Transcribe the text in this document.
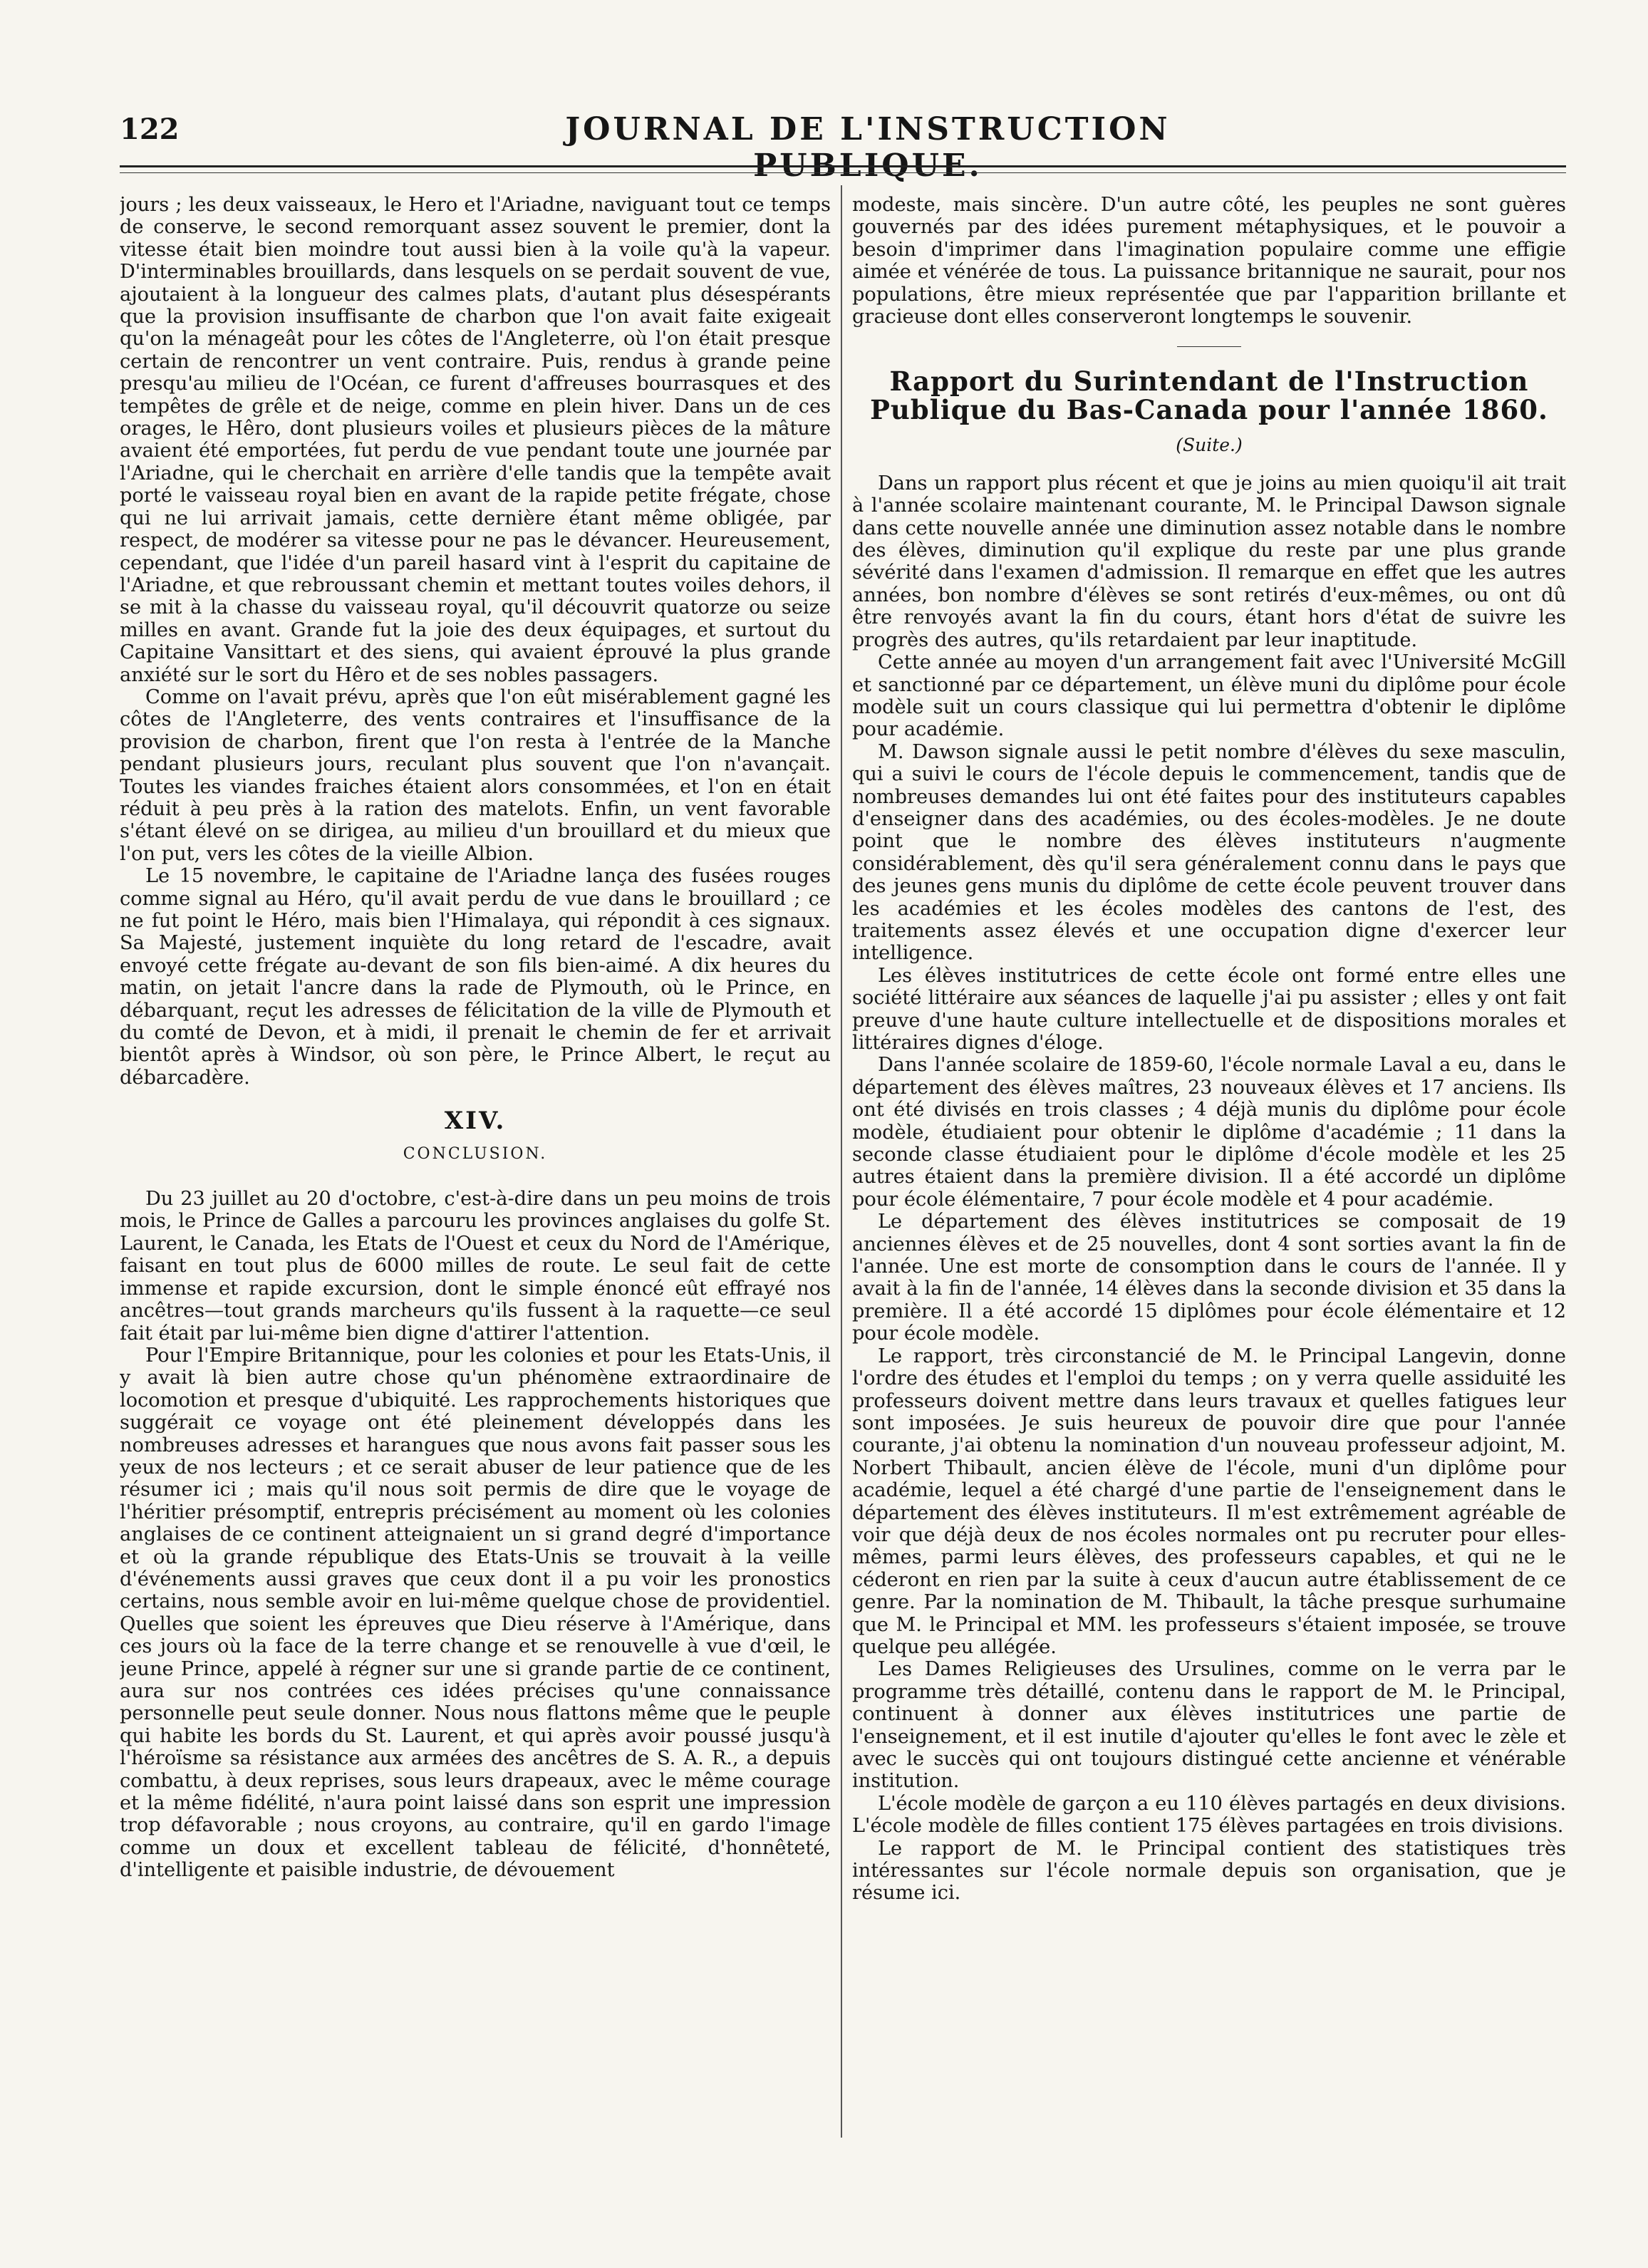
122	JOURNAL DE L'INSTRUCTION PUBLIQUE.

jours ; les deux vaisseaux, le Hero et l'Ariadne, naviguant tout ce temps de conserve, le second remorquant assez souvent le premier, dont la vitesse était bien moindre tout aussi bien à la voile qu'à la vapeur. D'interminables brouillards, dans lesquels on se perdait souvent de vue, ajoutaient à la longueur des calmes plats, d'autant plus désespérants que la provision insuffisante de charbon que l'on avait faite exigeait qu'on la ménageât pour les côtes de l'Angleterre, où l'on était presque certain de rencontrer un vent contraire. Puis, rendus à grande peine presqu'au milieu de l'Océan, ce furent d'affreuses bourrasques et des tempêtes de grêle et de neige, comme en plein hiver. Dans un de ces orages, le Hêro, dont plusieurs voiles et plusieurs pièces de la mâture avaient été emportées, fut perdu de vue pendant toute une journée par l'Ariadne, qui le cherchait en arrière d'elle tandis que la tempête avait porté le vaisseau royal bien en avant de la rapide petite frégate, chose qui ne lui arrivait jamais, cette dernière étant même obligée, par respect, de modérer sa vitesse pour ne pas le dévancer. Heureusement, cependant, que l'idée d'un pareil hasard vint à l'esprit du capitaine de l'Ariadne, et que rebroussant chemin et mettant toutes voiles dehors, il se mit à la chasse du vaisseau royal, qu'il découvrit quatorze ou seize milles en avant. Grande fut la joie des deux équipages, et surtout du Capitaine Vansittart et des siens, qui avaient éprouvé la plus grande anxiété sur le sort du Hêro et de ses nobles passagers.

Comme on l'avait prévu, après que l'on eût misérablement gagné les côtes de l'Angleterre, des vents contraires et l'insuffisance de la provision de charbon, firent que l'on resta à l'entrée de la Manche pendant plusieurs jours, reculant plus souvent que l'on n'avançait. Toutes les viandes fraiches étaient alors consommées, et l'on en était réduit à peu près à la ration des matelots. Enfin, un vent favorable s'étant élevé on se dirigea, au milieu d'un brouillard et du mieux que l'on put, vers les côtes de la vieille Albion.

Le 15 novembre, le capitaine de l'Ariadne lança des fusées rouges comme signal au Héro, qu'il avait perdu de vue dans le brouillard ; ce ne fut point le Héro, mais bien l'Himalaya, qui répondit à ces signaux. Sa Majesté, justement inquiète du long retard de l'escadre, avait envoyé cette frégate au-devant de son fils bien-aimé. A dix heures du matin, on jetait l'ancre dans la rade de Plymouth, où le Prince, en débarquant, reçut les adresses de félicitation de la ville de Plymouth et du comté de Devon, et à midi, il prenait le chemin de fer et arrivait bientôt après à Windsor, où son père, le Prince Albert, le reçut au débarcadère.

XIV.
CONCLUSION.

Du 23 juillet au 20 d'octobre, c'est-à-dire dans un peu moins de trois mois, le Prince de Galles a parcouru les provinces anglaises du golfe St. Laurent, le Canada, les Etats de l'Ouest et ceux du Nord de l'Amérique, faisant en tout plus de 6000 milles de route. Le seul fait de cette immense et rapide excursion, dont le simple énoncé eût effrayé nos ancêtres—tout grands marcheurs qu'ils fussent à la raquette—ce seul fait était par lui-même bien digne d'attirer l'attention.

Pour l'Empire Britannique, pour les colonies et pour les Etats-Unis, il y avait là bien autre chose qu'un phénomène extraordinaire de locomotion et presque d'ubiquité. Les rapprochements historiques que suggérait ce voyage ont été pleinement développés dans les nombreuses adresses et harangues que nous avons fait passer sous les yeux de nos lecteurs ; et ce serait abuser de leur patience que de les résumer ici ; mais qu'il nous soit permis de dire que le voyage de l'héritier présomptif, entrepris précisément au moment où les colonies anglaises de ce continent atteignaient un si grand degré d'importance et où la grande république des Etats-Unis se trouvait à la veille d'événements aussi graves que ceux dont il a pu voir les pronostics certains, nous semble avoir en lui-même quelque chose de providentiel. Quelles que soient les épreuves que Dieu réserve à l'Amérique, dans ces jours où la face de la terre change et se renouvelle à vue d'œil, le jeune Prince, appelé à régner sur une si grande partie de ce continent, aura sur nos contrées ces idées précises qu'une connaissance personnelle peut seule donner. Nous nous flattons même que le peuple qui habite les bords du St. Laurent, et qui après avoir poussé jusqu'à l'héroïsme sa résistance aux armées des ancêtres de S. A. R., a depuis combattu, à deux reprises, sous leurs drapeaux, avec le même courage et la même fidélité, n'aura point laissé dans son esprit une impression trop défavorable ; nous croyons, au contraire, qu'il en gardo l'image comme un doux et excellent tableau de félicité, d'honnêteté, d'intelligente et paisible industrie, de dévouement

modeste, mais sincère. D'un autre côté, les peuples ne sont guères gouvernés par des idées purement métaphysiques, et le pouvoir a besoin d'imprimer dans l'imagination populaire comme une effigie aimée et vénérée de tous. La puissance britannique ne saurait, pour nos populations, être mieux représentée que par l'apparition brillante et gracieuse dont elles conserveront longtemps le souvenir.

Rapport du Surintendant de l'Instruction Publique du Bas-Canada pour l'année 1860.
(Suite.)

Dans un rapport plus récent et que je joins au mien quoiqu'il ait trait à l'année scolaire maintenant courante, M. le Principal Dawson signale dans cette nouvelle année une diminution assez notable dans le nombre des élèves, diminution qu'il explique du reste par une plus grande sévérité dans l'examen d'admission. Il remarque en effet que les autres années, bon nombre d'élèves se sont retirés d'eux-mêmes, ou ont dû être renvoyés avant la fin du cours, étant hors d'état de suivre les progrès des autres, qu'ils retardaient par leur inaptitude.

Cette année au moyen d'un arrangement fait avec l'Université McGill et sanctionné par ce département, un élève muni du diplôme pour école modèle suit un cours classique qui lui permettra d'obtenir le diplôme pour académie.

M. Dawson signale aussi le petit nombre d'élèves du sexe masculin, qui a suivi le cours de l'école depuis le commencement, tandis que de nombreuses demandes lui ont été faites pour des instituteurs capables d'enseigner dans des académies, ou des écoles-modèles. Je ne doute point que le nombre des élèves instituteurs n'augmente considérablement, dès qu'il sera généralement connu dans le pays que des jeunes gens munis du diplôme de cette école peuvent trouver dans les académies et les écoles modèles des cantons de l'est, des traitements assez élevés et une occupation digne d'exercer leur intelligence.

Les élèves institutrices de cette école ont formé entre elles une société littéraire aux séances de laquelle j'ai pu assister ; elles y ont fait preuve d'une haute culture intellectuelle et de dispositions morales et littéraires dignes d'éloge.

Dans l'année scolaire de 1859-60, l'école normale Laval a eu, dans le département des élèves maîtres, 23 nouveaux élèves et 17 anciens. Ils ont été divisés en trois classes ; 4 déjà munis du diplôme pour école modèle, étudiaient pour obtenir le diplôme d'académie ; 11 dans la seconde classe étudiaient pour le diplôme d'école modèle et les 25 autres étaient dans la première division. Il a été accordé un diplôme pour école élémentaire, 7 pour école modèle et 4 pour académie.

Le département des élèves institutrices se composait de 19 anciennes élèves et de 25 nouvelles, dont 4 sont sorties avant la fin de l'année. Une est morte de consomption dans le cours de l'année. Il y avait à la fin de l'année, 14 élèves dans la seconde division et 35 dans la première. Il a été accordé 15 diplômes pour école élémentaire et 12 pour école modèle.

Le rapport, très circonstancié de M. le Principal Langevin, donne l'ordre des études et l'emploi du temps ; on y verra quelle assiduité les professeurs doivent mettre dans leurs travaux et quelles fatigues leur sont imposées. Je suis heureux de pouvoir dire que pour l'année courante, j'ai obtenu la nomination d'un nouveau professeur adjoint, M. Norbert Thibault, ancien élève de l'école, muni d'un diplôme pour académie, lequel a été chargé d'une partie de l'enseignement dans le département des élèves instituteurs. Il m'est extrêmement agréable de voir que déjà deux de nos écoles normales ont pu recruter pour elles-mêmes, parmi leurs élèves, des professeurs capables, et qui ne le céderont en rien par la suite à ceux d'aucun autre établissement de ce genre. Par la nomination de M. Thibault, la tâche presque surhumaine que M. le Principal et MM. les professeurs s'étaient imposée, se trouve quelque peu allégée.

Les Dames Religieuses des Ursulines, comme on le verra par le programme très détaillé, contenu dans le rapport de M. le Principal, continuent à donner aux élèves institutrices une partie de l'enseignement, et il est inutile d'ajouter qu'elles le font avec le zèle et avec le succès qui ont toujours distingué cette ancienne et vénérable institution.

L'école modèle de garçon a eu 110 élèves partagés en deux divisions. L'école modèle de filles contient 175 élèves partagées en trois divisions.

Le rapport de M. le Principal contient des statistiques très intéressantes sur l'école normale depuis son organisation, que je résume ici.
